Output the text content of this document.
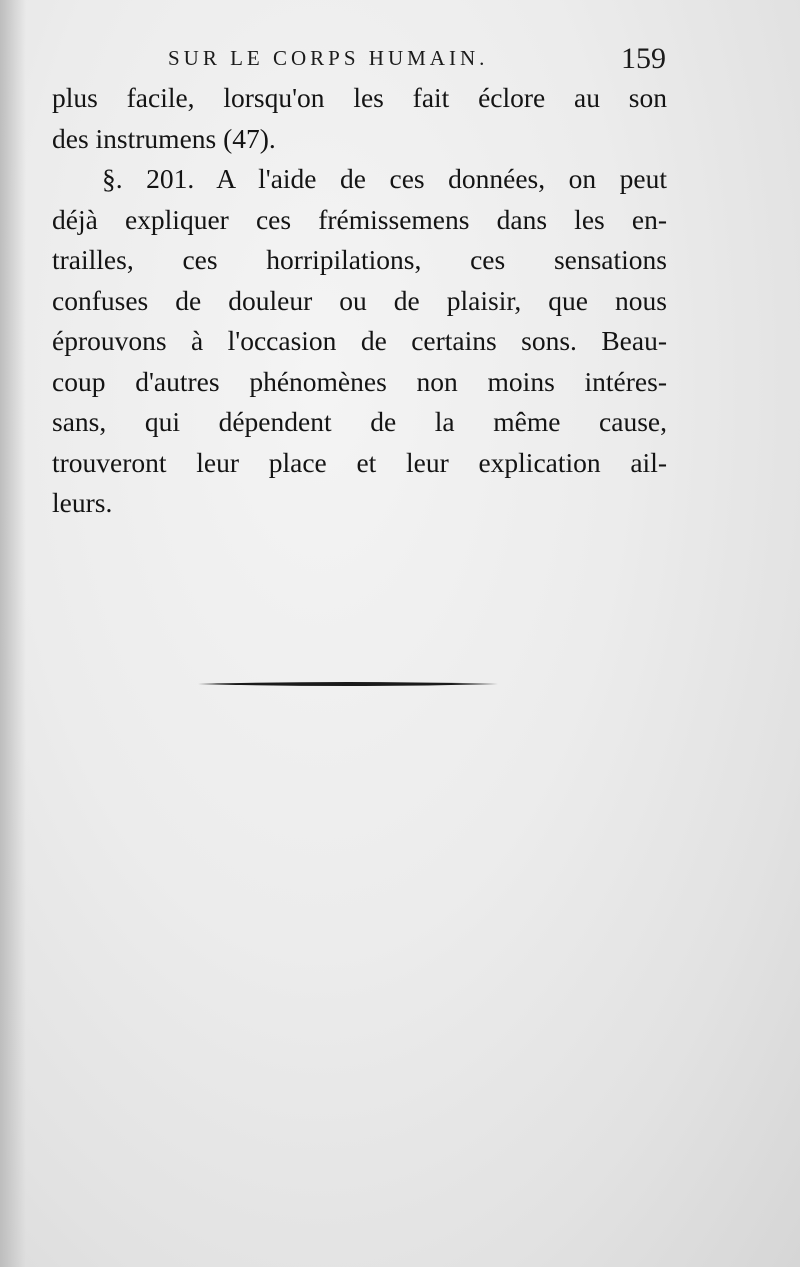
SUR LE CORPS HUMAIN.	159
plus facile, lorsqu'on les fait éclore au son
des instrumens (47).
§. 201. A l'aide de ces données, on peut
déjà expliquer ces frémissemens dans les en-
trailles, ces horripilations, ces sensations
confuses de douleur ou de plaisir, que nous
éprouvons à l'occasion de certains sons. Beau-
coup d'autres phénomènes non moins intéres-
sans, qui dépendent de la même cause,
trouveront leur place et leur explication ail-
leurs.
